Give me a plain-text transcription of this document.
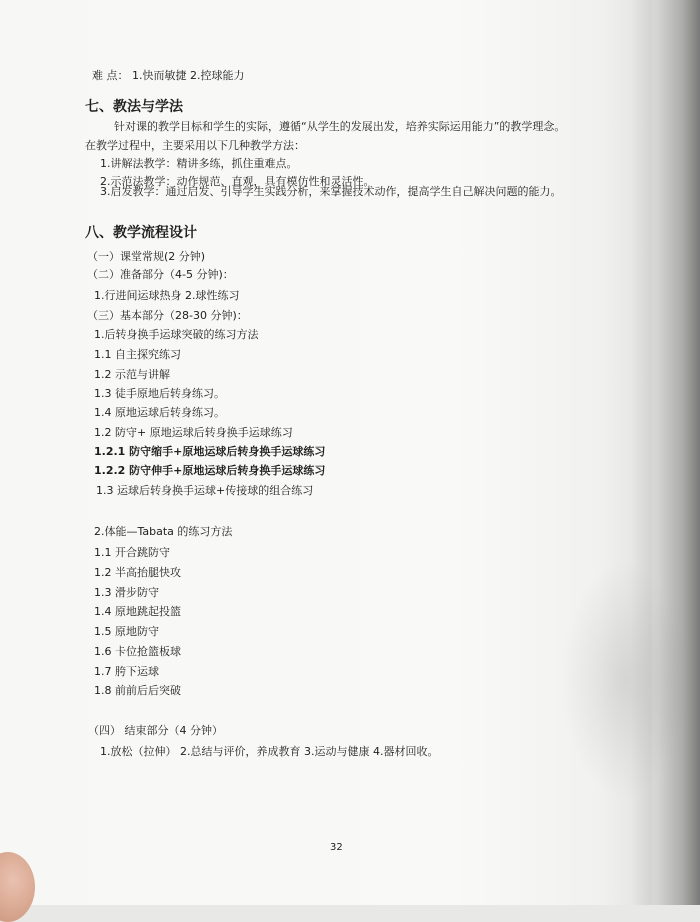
难 点： 1.快而敏捷 2.控球能力
七、教法与学法
针对课的教学目标和学生的实际，遵循“从学生的发展出发，培养实际运用能力”的教学理念。
在教学过程中，主要采用以下几种教学方法：
1.讲解法教学：精讲多练，抓住重难点。
2.示范法教学：动作规范、直观，具有模仿性和灵活性。
3.启发教学：通过启发、引导学生实践分析，来掌握技术动作，提高学生自己解决问题的能力。
八、教学流程设计
（一）课堂常规(2 分钟)
（二）准备部分（4-5 分钟)：
1.行进间运球热身 2.球性练习
（三）基本部分（28-30 分钟)：
1.后转身换手运球突破的练习方法
1.1 自主探究练习
1.2 示范与讲解
1.3 徒手原地后转身练习。
1.4 原地运球后转身练习。
1.2 防守+ 原地运球后转身换手运球练习
1.2.1 防守缩手+原地运球后转身换手运球练习
1.2.2 防守伸手+原地运球后转身换手运球练习
1.3 运球后转身换手运球+传接球的组合练习
2.体能—Tabata 的练习方法
1.1 开合跳防守
1.2 半高抬腿快攻
1.3 滑步防守
1.4 原地跳起投篮
1.5 原地防守
1.6 卡位抢篮板球
1.7 胯下运球
1.8 前前后后突破
（四） 结束部分（4 分钟）
1.放松（拉伸） 2.总结与评价，养成教育 3.运动与健康 4.器材回收。
32
